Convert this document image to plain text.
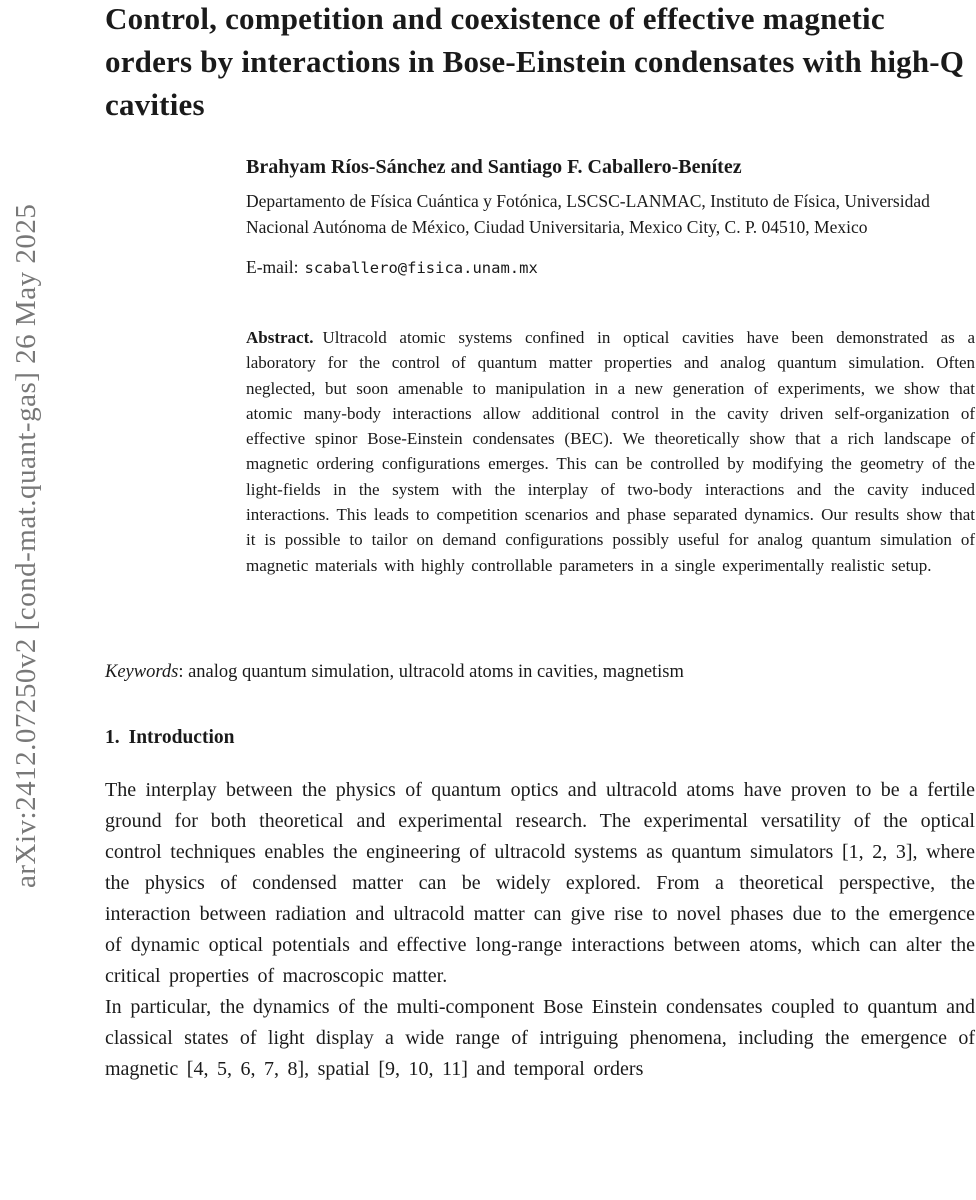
arXiv:2412.07250v2 [cond-mat.quant-gas] 26 May 2025
Control, competition and coexistence of effective magnetic orders by interactions in Bose-Einstein condensates with high-Q cavities
Brahyam Ríos-Sánchez and Santiago F. Caballero-Benítez
Departamento de Física Cuántica y Fotónica, LSCSC-LANMAC, Instituto de Física, Universidad Nacional Autónoma de México, Ciudad Universitaria, Mexico City, C. P. 04510, Mexico
E-mail: scaballero@fisica.unam.mx
Abstract. Ultracold atomic systems confined in optical cavities have been demonstrated as a laboratory for the control of quantum matter properties and analog quantum simulation. Often neglected, but soon amenable to manipulation in a new generation of experiments, we show that atomic many-body interactions allow additional control in the cavity driven self-organization of effective spinor Bose-Einstein condensates (BEC). We theoretically show that a rich landscape of magnetic ordering configurations emerges. This can be controlled by modifying the geometry of the light-fields in the system with the interplay of two-body interactions and the cavity induced interactions. This leads to competition scenarios and phase separated dynamics. Our results show that it is possible to tailor on demand configurations possibly useful for analog quantum simulation of magnetic materials with highly controllable parameters in a single experimentally realistic setup.
Keywords: analog quantum simulation, ultracold atoms in cavities, magnetism
1. Introduction

The interplay between the physics of quantum optics and ultracold atoms have proven to be a fertile ground for both theoretical and experimental research. The experimental versatility of the optical control techniques enables the engineering of ultracold systems as quantum simulators [1, 2, 3], where the physics of condensed matter can be widely explored. From a theoretical perspective, the interaction between radiation and ultracold matter can give rise to novel phases due to the emergence of dynamic optical potentials and effective long-range interactions between atoms, which can alter the critical properties of macroscopic matter.

In particular, the dynamics of the multi-component Bose Einstein condensates coupled to quantum and classical states of light display a wide range of intriguing phenomena, including the emergence of magnetic [4, 5, 6, 7, 8], spatial [9, 10, 11] and temporal orders
